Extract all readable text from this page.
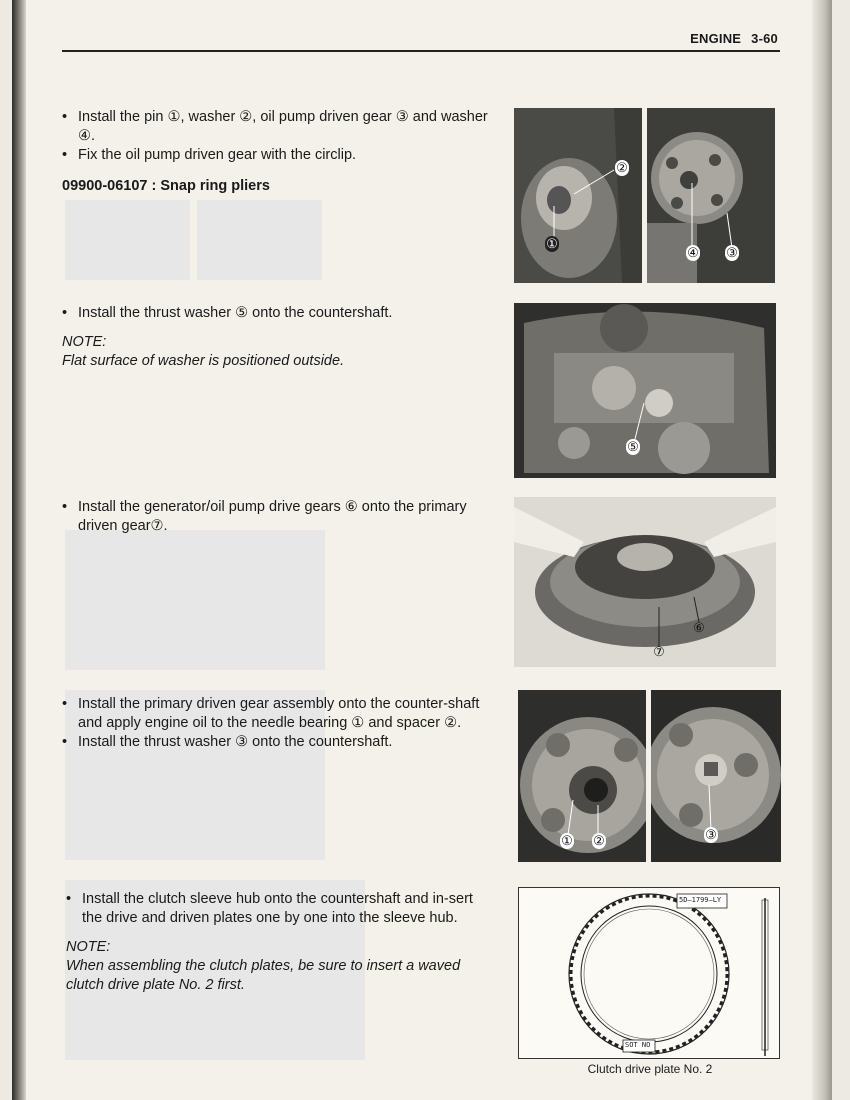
ENGINE 3-60
• Install the pin ①, washer ②, oil pump driven gear ③ and washer ④.
• Fix the oil pump driven gear with the circlip.
09900-06107 : Snap ring pliers
①
②
④ ③
• Install the thrust washer ⑤ onto the countershaft.
NOTE:
Flat surface of washer is positioned outside.
⑤
• Install the generator/oil pump drive gears ⑥ onto the primary driven gear⑦.
⑥
⑦
• Install the primary driven gear assembly onto the counter-shaft and apply engine oil to the needle bearing ① and spacer ②.
• Install the thrust washer ③ onto the countershaft.
① ②	③
• Install the clutch sleeve hub onto the countershaft and in-sert the drive and driven plates one by one into the sleeve hub.
NOTE:
When assembling the clutch plates, be sure to insert a waved clutch drive plate No. 2 first.
5D—1799—LY
SOT NO
Clutch drive plate No. 2
